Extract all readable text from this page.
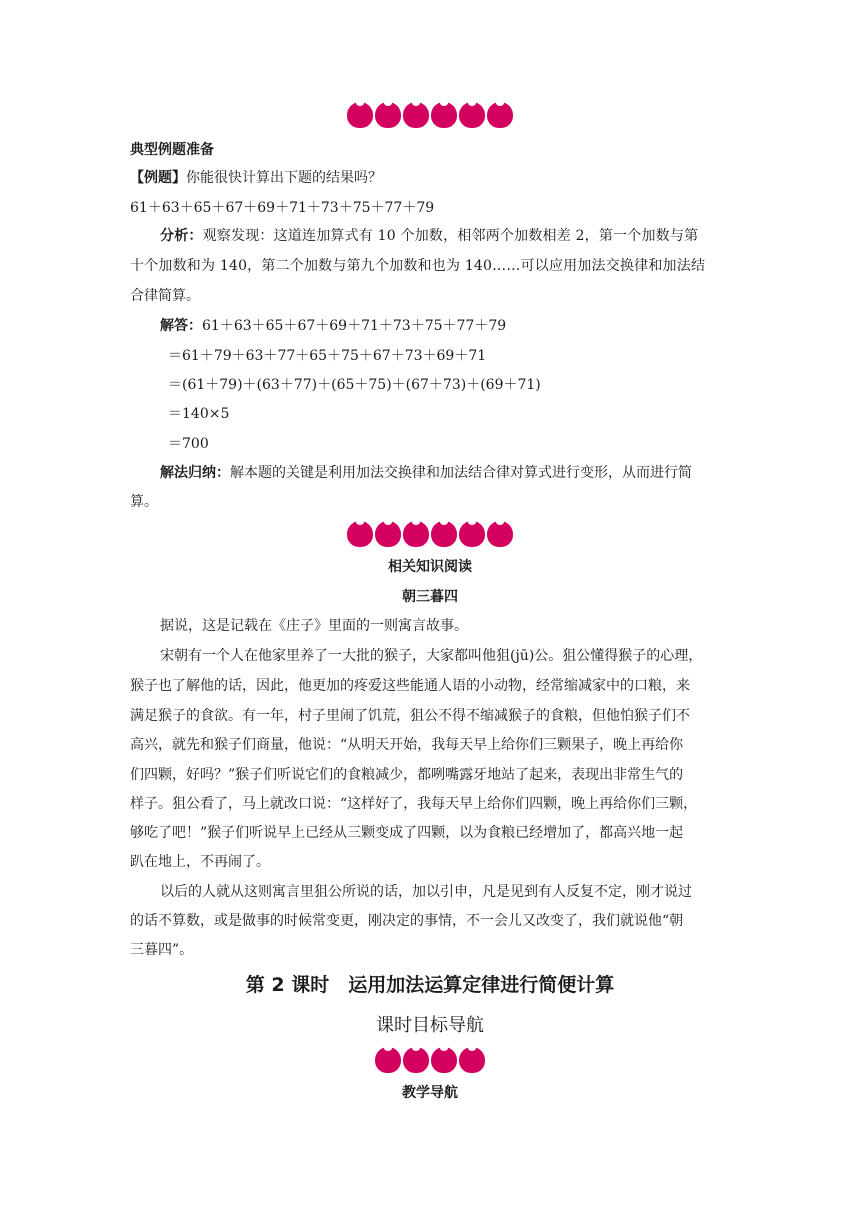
典型例题准备
【例题】你能很快计算出下题的结果吗？
61＋63＋65＋67＋69＋71＋73＋75＋77＋79
分析：观察发现：这道连加算式有 10 个加数，相邻两个加数相差 2，第一个加数与第
十个加数和为 140，第二个加数与第九个加数和也为 140……可以应用加法交换律和加法结
合律简算。
解答：61＋63＋65＋67＋69＋71＋73＋75＋77＋79
＝61＋79＋63＋77＋65＋75＋67＋73＋69＋71
＝(61＋79)＋(63＋77)＋(65＋75)＋(67＋73)＋(69＋71)
＝140×5
＝700
解法归纳：解本题的关键是利用加法交换律和加法结合律对算式进行变形，从而进行简
算。
相关知识阅读
朝三暮四
据说，这是记载在《庄子》里面的一则寓言故事。
宋朝有一个人在他家里养了一大批的猴子，大家都叫他狙(jū)公。狙公懂得猴子的心理，
猴子也了解他的话，因此，他更加的疼爱这些能通人语的小动物，经常缩减家中的口粮，来
满足猴子的食欲。有一年，村子里闹了饥荒，狙公不得不缩减猴子的食粮，但他怕猴子们不
高兴，就先和猴子们商量，他说：“从明天开始，我每天早上给你们三颗果子，晚上再给你
们四颗，好吗？”猴子们听说它们的食粮减少，都咧嘴露牙地站了起来，表现出非常生气的
样子。狙公看了，马上就改口说：“这样好了，我每天早上给你们四颗，晚上再给你们三颗，
够吃了吧！”猴子们听说早上已经从三颗变成了四颗，以为食粮已经增加了，都高兴地一起
趴在地上，不再闹了。
以后的人就从这则寓言里狙公所说的话，加以引申，凡是见到有人反复不定，刚才说过
的话不算数，或是做事的时候常变更，刚决定的事情，不一会儿又改变了，我们就说他“朝
三暮四”。
第 2 课时　运用加法运算定律进行简便计算
课时目标导航
教学导航
